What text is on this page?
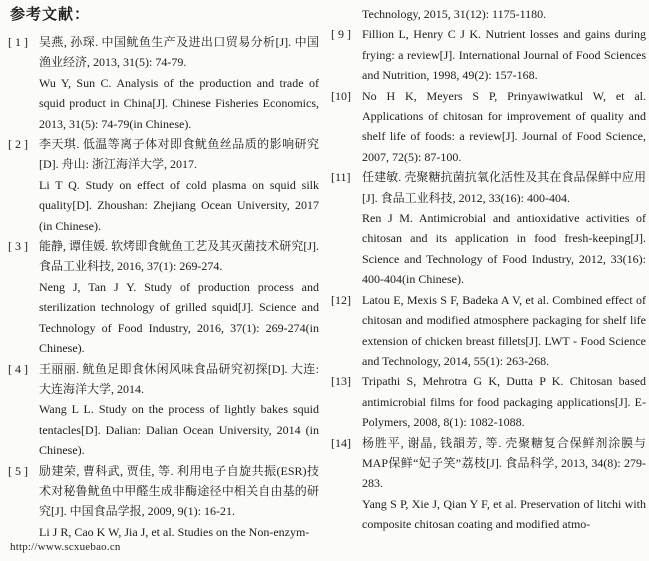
参考文献：
[ 1 ] 吴燕, 孙琛. 中国鱿鱼生产及进出口贸易分析[J]. 中国渔业经济, 2013, 31(5): 74-79.

Wu Y, Sun C. Analysis of the production and trade of squid product in China[J]. Chinese Fisheries Economics, 2013, 31(5): 74-79(in Chinese).

[ 2 ] 李天琪. 低温等离子体对即食鱿鱼丝品质的影响研究[D]. 舟山: 浙江海洋大学, 2017.

Li T Q. Study on effect of cold plasma on squid silk quality[D]. Zhoushan: Zhejiang Ocean University, 2017 (in Chinese).

[ 3 ] 能静, 谭佳媛. 软烤即食鱿鱼工艺及其灭菌技术研究[J]. 食品工业科技, 2016, 37(1): 269-274.

Neng J, Tan J Y. Study of production process and sterilization technology of grilled squid[J]. Science and Technology of Food Industry, 2016, 37(1): 269-274(in Chinese).

[ 4 ] 王丽丽. 鱿鱼足即食休闲风味食品研究初探[D]. 大连: 大连海洋大学, 2014.

Wang L L. Study on the process of lightly bakes squid tentacles[D]. Dalian: Dalian Ocean University, 2014 (in Chinese).

[ 5 ] 励建荣, 曹科武, 贾佳, 等. 利用电子自旋共振(ESR)技术对秘鲁鱿鱼中甲醛生成非酶途径中相关自由基的研究[J]. 中国食品学报, 2009, 9(1): 16-21.

Li J R, Cao K W, Jia J, et al. Studies on the Non-enzym-

Technology, 2015, 31(12): 1175-1180.

[ 9 ] Fillion L, Henry C J K. Nutrient losses and gains during frying: a review[J]. International Journal of Food Sciences and Nutrition, 1998, 49(2): 157-168.

[10] No H K, Meyers S P, Prinyawiwatkul W, et al. Applications of chitosan for improvement of quality and shelf life of foods: a review[J]. Journal of Food Science, 2007, 72(5): 87-100.

[11] 任建敏. 壳聚糖抗菌抗氧化活性及其在食品保鲜中应用[J]. 食品工业科技, 2012, 33(16): 400-404.

Ren J M. Antimicrobial and antioxidative activities of chitosan and its application in food fresh-keeping[J]. Science and Technology of Food Industry, 2012, 33(16): 400-404(in Chinese).

[12] Latou E, Mexis S F, Badeka A V, et al. Combined effect of chitosan and modified atmosphere packaging for shelf life extension of chicken breast fillets[J]. LWT - Food Science and Technology, 2014, 55(1): 263-268.

[13] Tripathi S, Mehrotra G K, Dutta P K. Chitosan based antimicrobial films for food packaging applications[J]. E-Polymers, 2008, 8(1): 1082-1088.

[14] 杨胜平, 谢晶, 钱韻芳, 等. 壳聚糖复合保鲜剂涂膜与MAP保鲜“妃子笑”荔枝[J]. 食品科学, 2013, 34(8): 279-283.

Yang S P, Xie J, Qian Y F, et al. Preservation of litchi with composite chitosan coating and modified atmo-

http://www.scxuebao.cn
